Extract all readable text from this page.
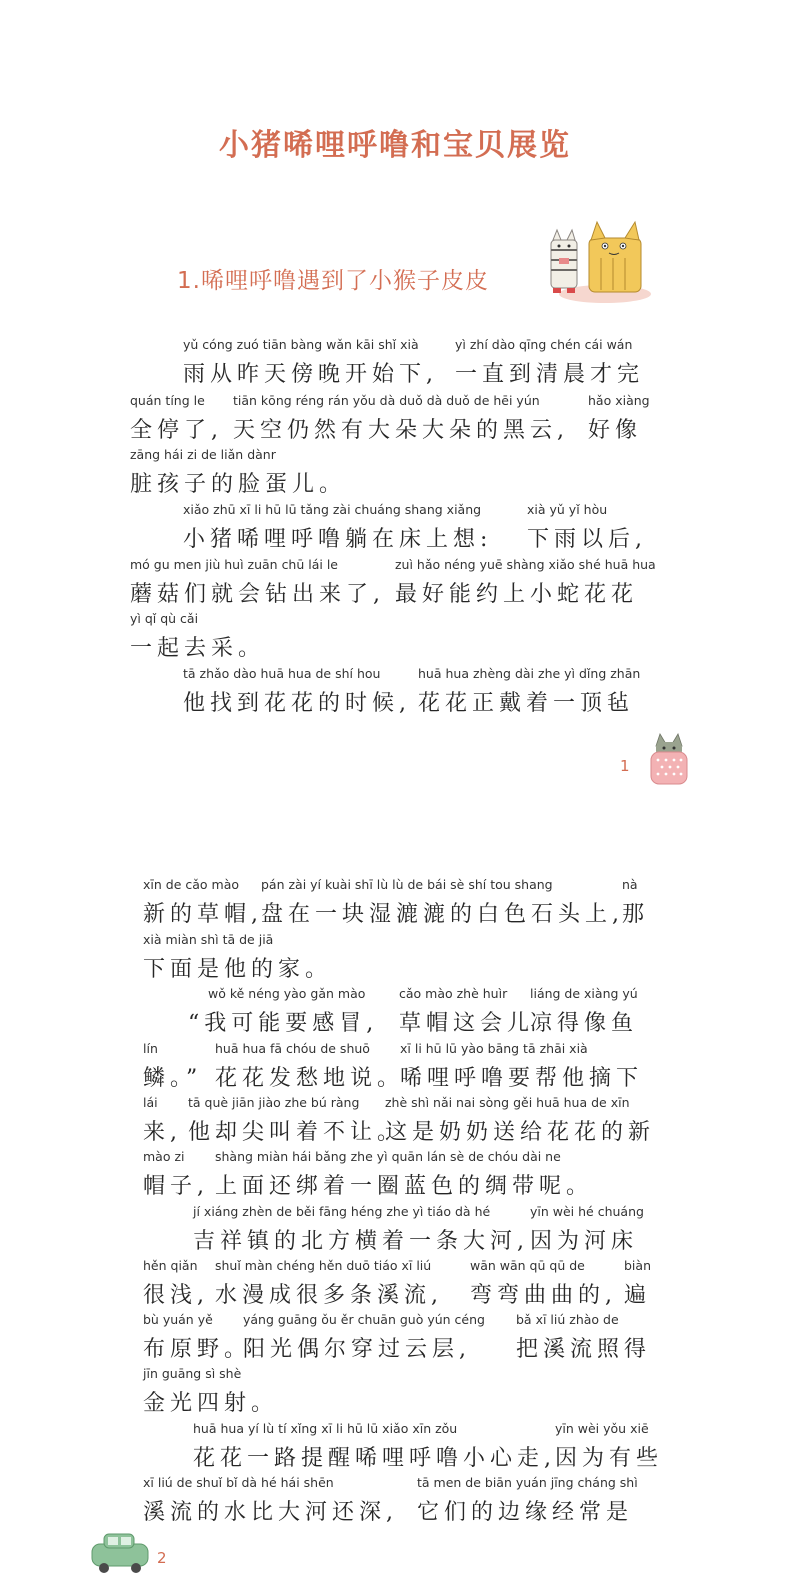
小猪唏哩呼噜和宝贝展览
1.唏哩呼噜遇到了小猴子皮皮
yǔ cóng zuó tiān bàng wǎn kāi shǐ xià
雨从昨天傍晚开始下,
yì zhí dào qīng chén cái wán
一直到清晨才完
quán tíng le
全停了,
tiān kōng réng rán yǒu dà duǒ dà duǒ de hēi yún
天空仍然有大朵大朵的黑云,
hǎo xiàng
好像
zāng hái zi de liǎn dànr
脏孩子的脸蛋儿。
xiǎo zhū xī li hū lū tǎng zài chuáng shang xiǎng
小猪唏哩呼噜躺在床上想:
xià yǔ yǐ hòu
下雨以后,
mó gu men jiù huì zuān chū lái le
蘑菇们就会钻出来了,
zuì hǎo néng yuē shàng xiǎo shé huā hua
最好能约上小蛇花花
yì qǐ qù cǎi
一起去采。
tā zhǎo dào huā hua de shí hou
他找到花花的时候,
huā hua zhèng dài zhe yì dǐng zhān
花花正戴着一顶毡
1
xīn de cǎo mào
新的草帽,
pán zài yí kuài shī lù lù de bái sè shí tou shang
盘在一块湿漉漉的白色石头上,
nà
那
xià miàn shì tā de jiā
下面是他的家。
wǒ kě néng yào gǎn mào
“我可能要感冒,
cǎo mào zhè huìr
草帽这会儿
liáng de xiàng yú
凉得像鱼
lín
鳞。”
huā hua fā chóu de shuō
花花发愁地说。
xī li hū lū yào bāng tā zhāi xià
唏哩呼噜要帮他摘下
lái
来,
tā què jiān jiào zhe bú ràng
他却尖叫着不让。
zhè shì nǎi nai sòng gěi huā hua de xīn
这是奶奶送给花花的新
mào zi
帽子,
shàng miàn hái bǎng zhe yì quān lán sè de chóu dài ne
上面还绑着一圈蓝色的绸带呢。
jí xiáng zhèn de běi fāng héng zhe yì tiáo dà hé
吉祥镇的北方横着一条大河,
yīn wèi hé chuáng
因为河床
hěn qiǎn
很浅,
shuǐ màn chéng hěn duō tiáo xī liú
水漫成很多条溪流,
wān wān qū qū de
弯弯曲曲的,
biàn
遍
bù yuán yě
布原野。
yáng guāng ǒu ěr chuān guò yún céng
阳光偶尔穿过云层,
bǎ xī liú zhào de
把溪流照得
jīn guāng sì shè
金光四射。
huā hua yí lù tí xǐng xī li hū lū xiǎo xīn zǒu
花花一路提醒唏哩呼噜小心走,
yīn wèi yǒu xiē
因为有些
xī liú de shuǐ bǐ dà hé hái shēn
溪流的水比大河还深,
tā men de biān yuán jīng cháng shì
它们的边缘经常是
2
